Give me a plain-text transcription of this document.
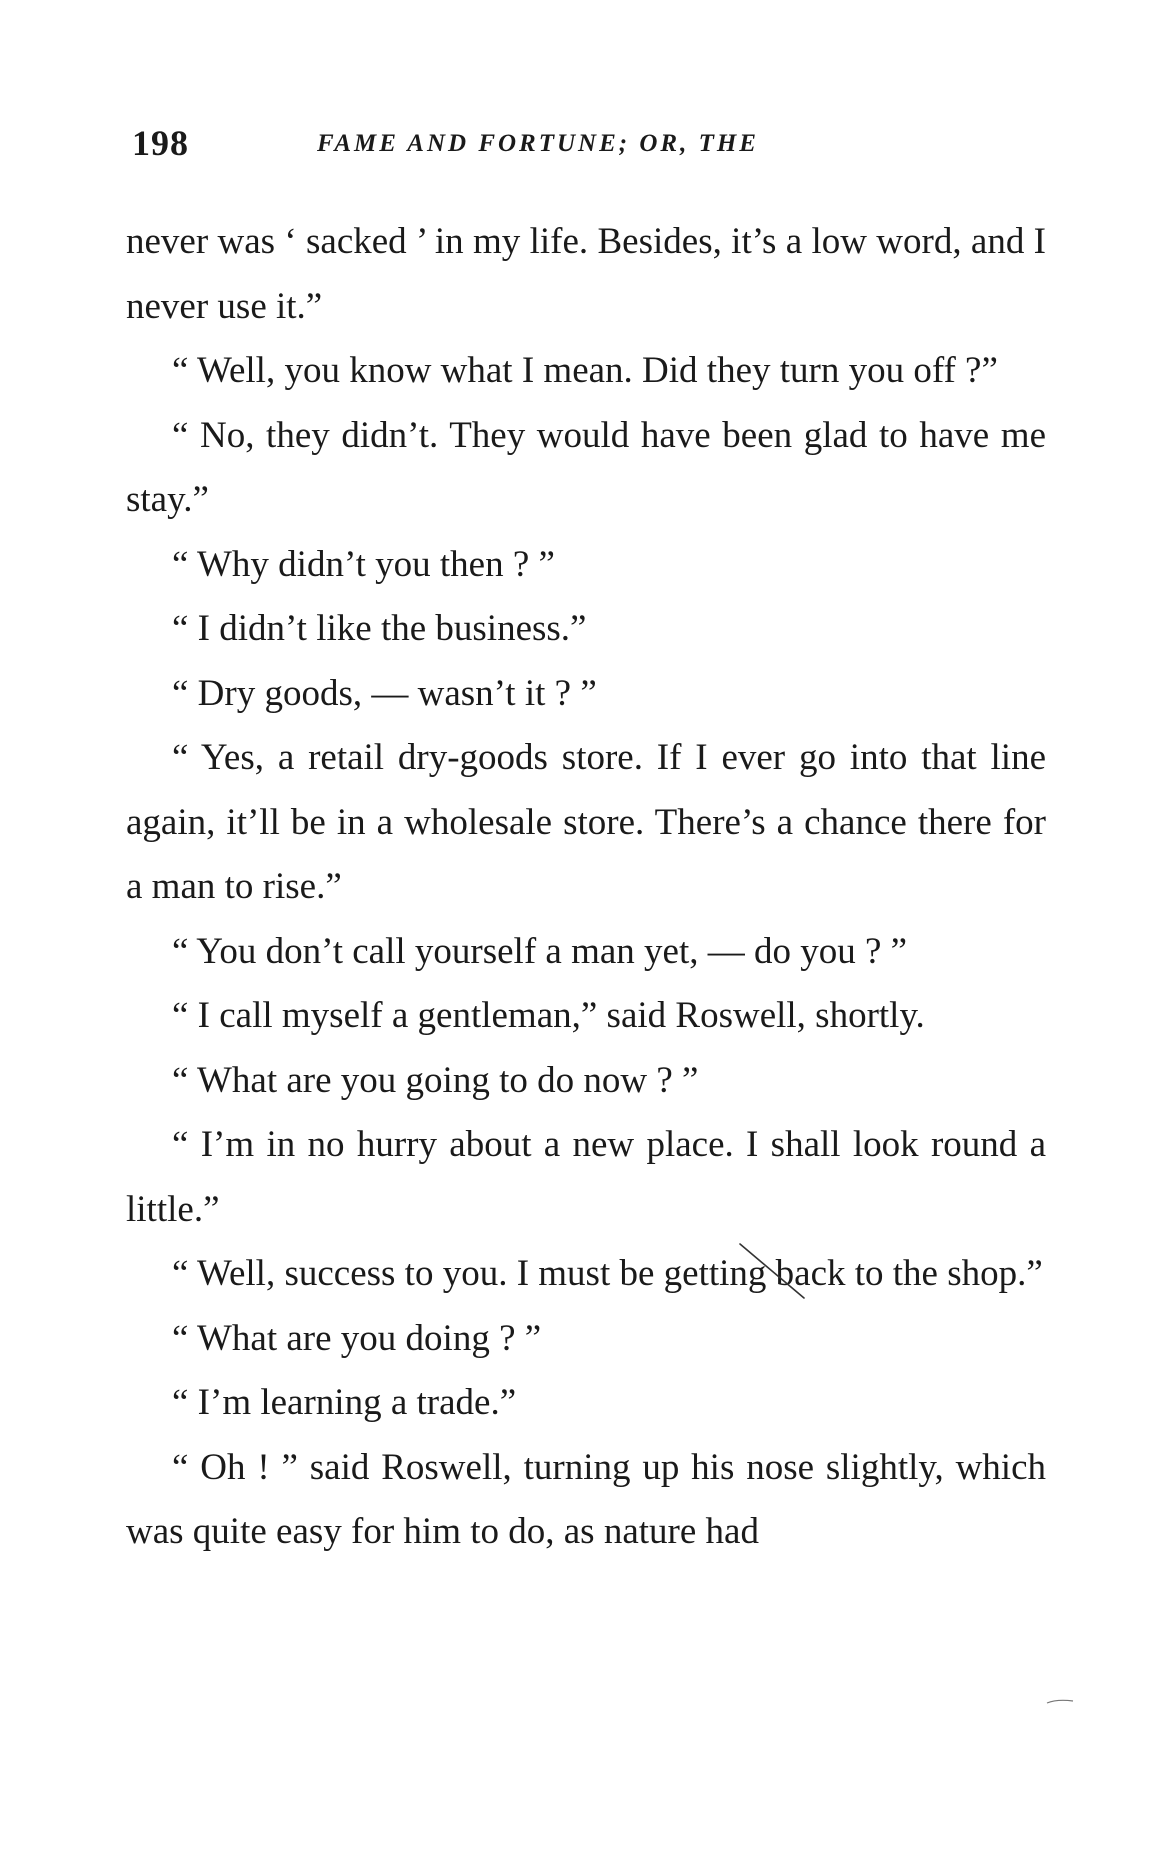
198	FAME AND FORTUNE; OR, THE

never was ‘ sacked ’ in my life. Besides, it’s a low word, and I never use it.”

“ Well, you know what I mean. Did they turn you off ?”

“ No, they didn’t. They would have been glad to have me stay.”

“ Why didn’t you then ? ”

“ I didn’t like the business.”

“ Dry goods, — wasn’t it ? ”

“ Yes, a retail dry-goods store. If I ever go into that line again, it’ll be in a wholesale store. There’s a chance there for a man to rise.”

“ You don’t call yourself a man yet, — do you ? ”

“ I call myself a gentleman,” said Roswell, shortly.

“ What are you going to do now ? ”

“ I’m in no hurry about a new place. I shall look round a little.”

“ Well, success to you. I must be getting back to the shop.”

“ What are you doing ? ”

“ I’m learning a trade.”

“ Oh ! ” said Roswell, turning up his nose slightly, which was quite easy for him to do, as nature had
